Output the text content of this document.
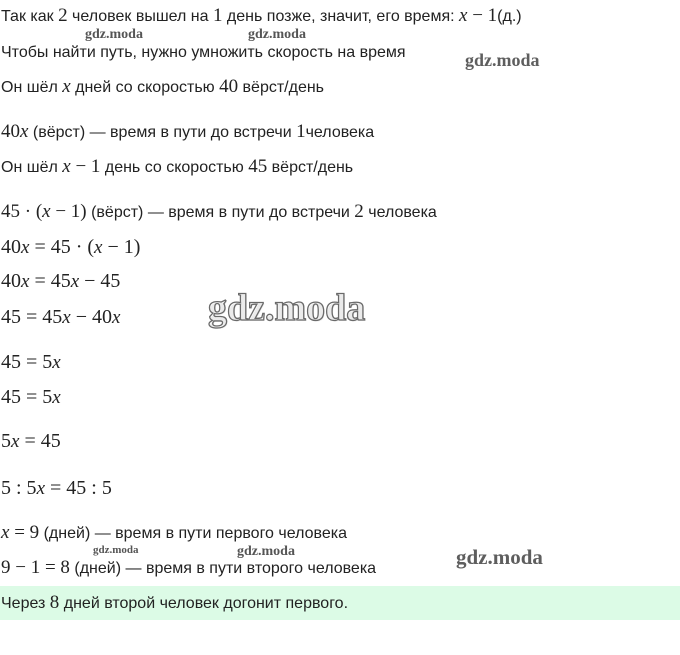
Так как 2 человек вышел на 1 день позже, значит, его время: x − 1(д.)
Чтобы найти путь, нужно умножить скорость на время
Он шёл x дней со скоростью 40 вёрст/день
40x (вёрст) — время в пути до встречи 1человека
Он шёл x − 1 день со скоростью 45 вёрст/день
45 · (x − 1) (вёрст) — время в пути до встречи 2 человека
40x = 45 · (x − 1)
40x = 45x − 45
45 = 45x − 40x
45 = 5x
45 = 5x
5x = 45
5 : 5x = 45 : 5
x = 9 (дней) — время в пути первого человека
9 − 1 = 8 (дней) — время в пути второго человека
Через 8 дней второй человек догонит первого.
gdz.moda	gdz.moda
gdz.moda
gdz.moda
gdz.moda	gdz.moda	gdz.moda
